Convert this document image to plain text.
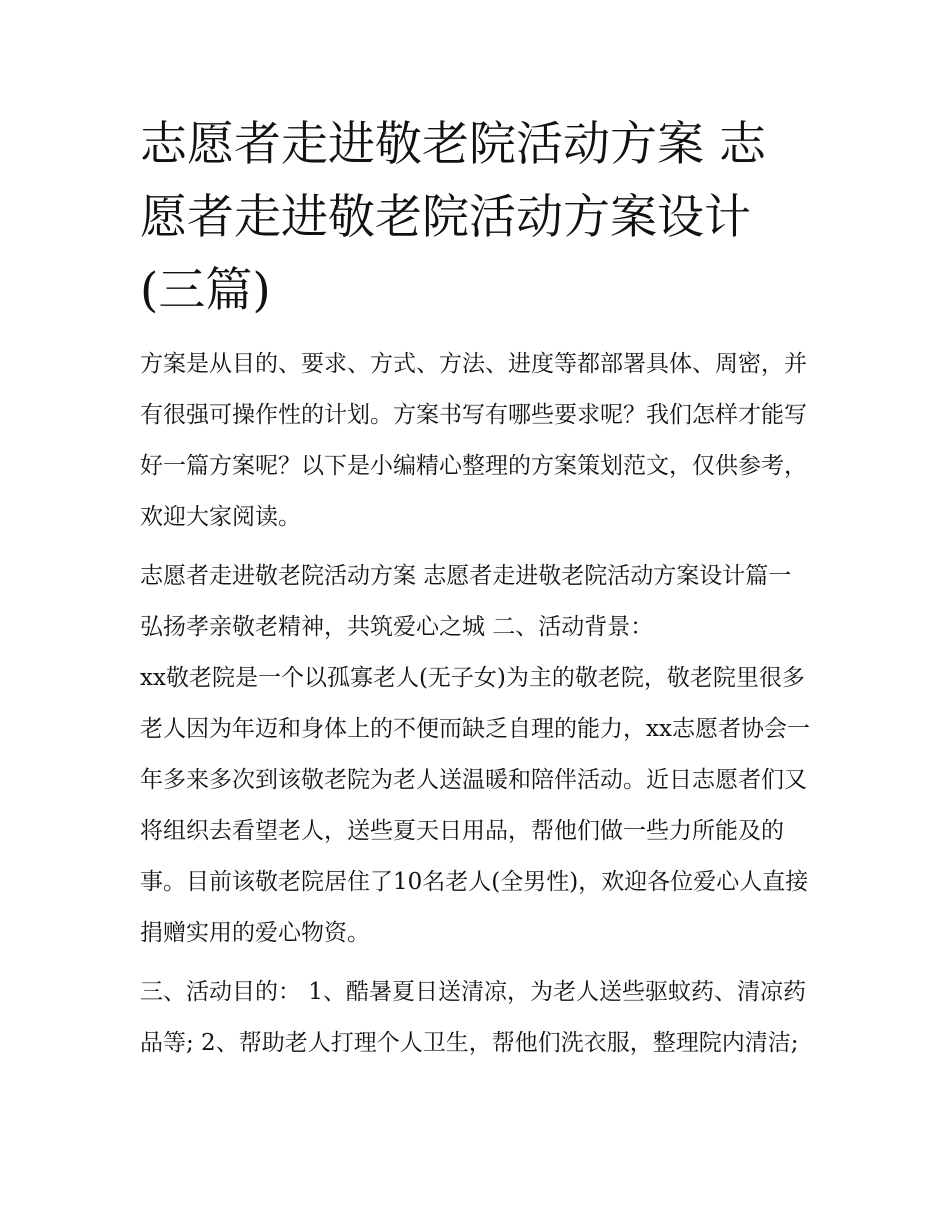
志愿者走进敬老院活动方案 志愿者走进敬老院活动方案设计(三篇)

方案是从目的、要求、方式、方法、进度等都部署具体、周密，并有很强可操作性的计划。方案书写有哪些要求呢？我们怎样才能写好一篇方案呢？以下是小编精心整理的方案策划范文，仅供参考，欢迎大家阅读。

志愿者走进敬老院活动方案 志愿者走进敬老院活动方案设计篇一 弘扬孝亲敬老精神，共筑爱心之城 二、活动背景：

xx敬老院是一个以孤寡老人(无子女)为主的敬老院，敬老院里很多老人因为年迈和身体上的不便而缺乏自理的能力，xx志愿者协会一年多来多次到该敬老院为老人送温暖和陪伴活动。近日志愿者们又将组织去看望老人，送些夏天日用品，帮他们做一些力所能及的事。目前该敬老院居住了10名老人(全男性)，欢迎各位爱心人直接捐赠实用的爱心物资。

三、活动目的： 1、酷暑夏日送清凉，为老人送些驱蚊药、清凉药品等; 2、帮助老人打理个人卫生，帮他们洗衣服，整理院内清洁;
